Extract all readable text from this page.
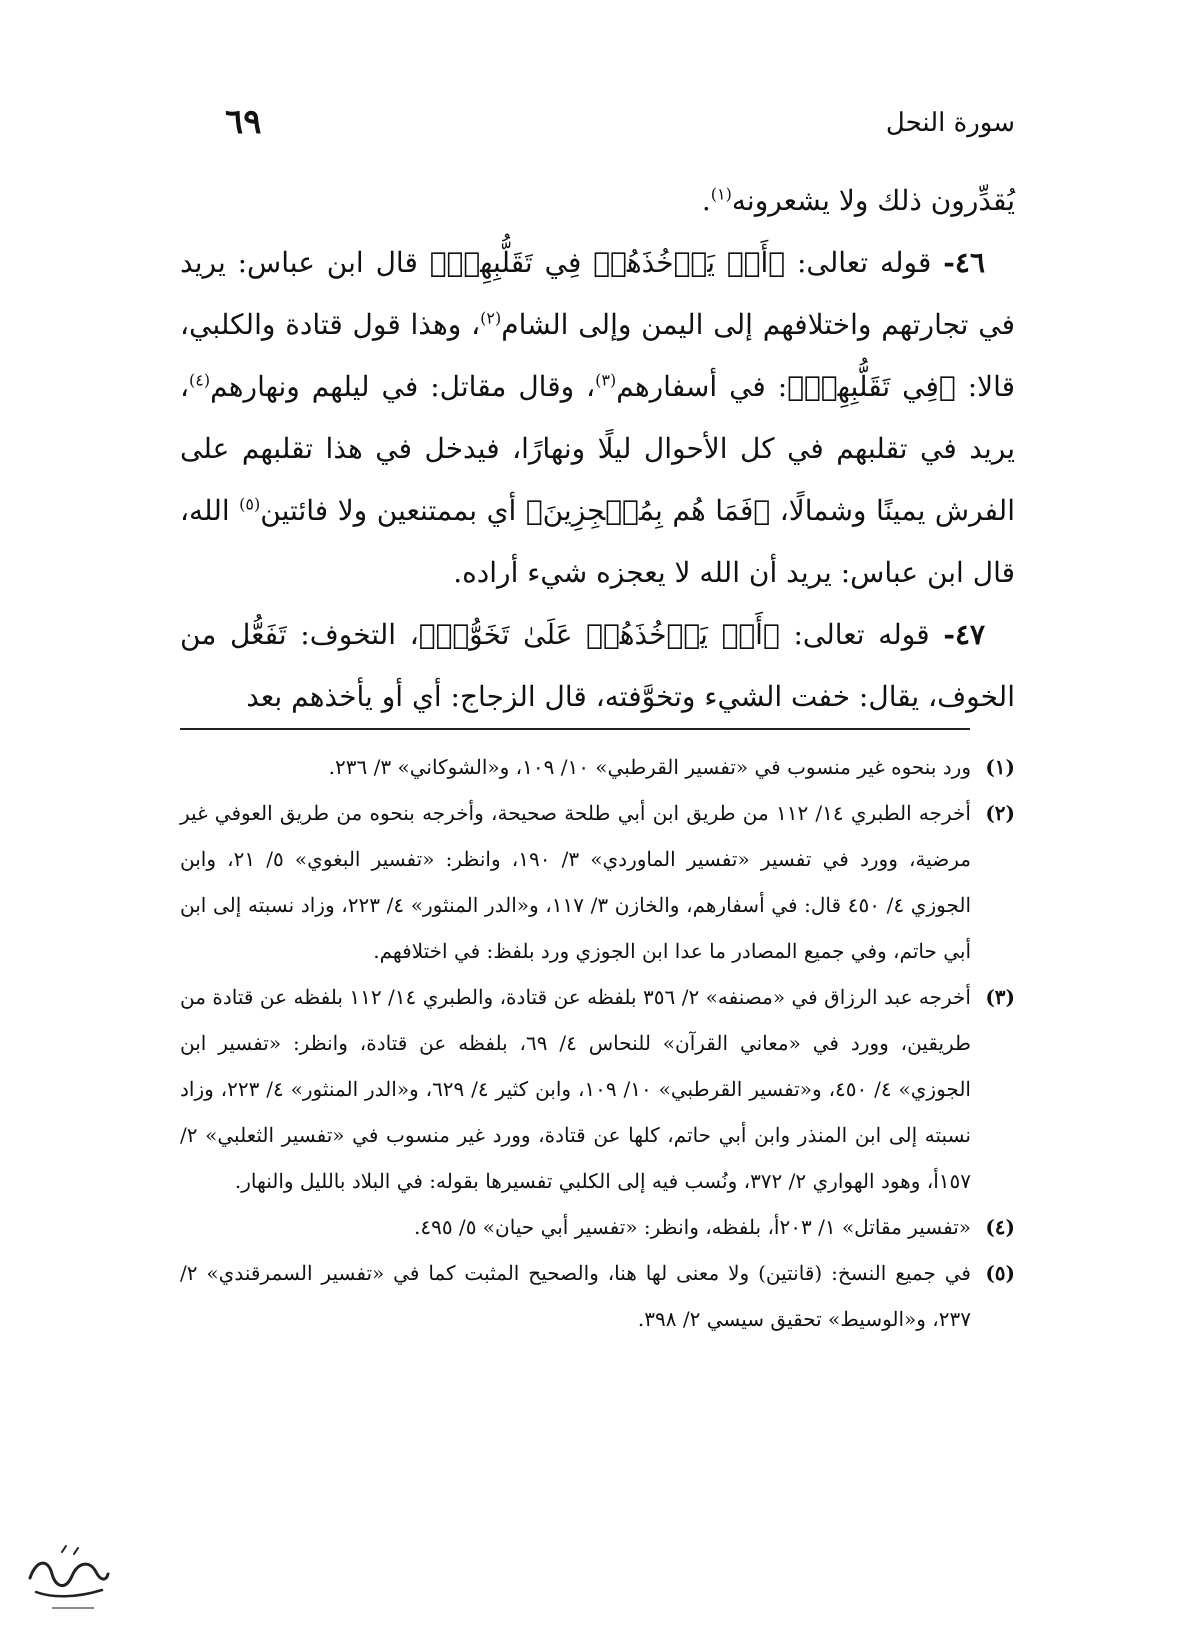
سورة النحل
٦٩

يُقدِّرون ذلك ولا يشعرونه$^{(١)}$.

٤٦- قوله تعالى: ﴿أَوۡ يَأۡخُذَهُمۡ فِي تَقَلُّبِهِمۡ﴾ قال ابن عباس: يريد في تجارتهم واختلافهم إلى اليمن وإلى الشام$^{(٢)}$، وهذا قول قتادة والكلبي، قالا: ﴿فِي تَقَلُّبِهِمۡ﴾: في أسفارهم$^{(٣)}$، وقال مقاتل: في ليلهم ونهارهم$^{(٤)}$، يريد في تقلبهم في كل الأحوال ليلًا ونهارًا، فيدخل في هذا تقلبهم على الفرش يمينًا وشمالًا، ﴿فَمَا هُم بِمُعۡجِزِينَ﴾ أي بممتنعين ولا فائتين$^{(٥)}$ الله، قال ابن عباس: يريد أن الله لا يعجزه شيء أراده.

٤٧- قوله تعالى: ﴿أَوۡ يَأۡخُذَهُمۡ عَلَىٰ تَخَوُّفٖ﴾، التخوف: تَفَعُّل من الخوف، يقال: خفت الشيء وتخوَّفته، قال الزجاج: أي أو يأخذهم بعد

(١)
ورد بنحوه غير منسوب في «تفسير القرطبي» ١٠/ ١٠٩، و«الشوكاني» ٣/ ٢٣٦.

(٢)
أخرجه الطبري ١٤/ ١١٢ من طريق ابن أبي طلحة صحيحة، وأخرجه بنحوه من طريق العوفي غير مرضية، وورد في تفسير «تفسير الماوردي» ٣/ ١٩٠، وانظر: «تفسير البغوي» ٥/ ٢١، وابن الجوزي ٤/ ٤٥٠ قال: في أسفارهم، والخازن ٣/ ١١٧، و«الدر المنثور» ٤/ ٢٢٣، وزاد نسبته إلى ابن أبي حاتم، وفي جميع المصادر ما عدا ابن الجوزي ورد بلفظ: في اختلافهم.

(٣)
أخرجه عبد الرزاق في «مصنفه» ٢/ ٣٥٦ بلفظه عن قتادة، والطبري ١٤/ ١١٢ بلفظه عن قتادة من طريقين، وورد في «معاني القرآن» للنحاس ٤/ ٦٩، بلفظه عن قتادة، وانظر: «تفسير ابن الجوزي» ٤/ ٤٥٠، و«تفسير القرطبي» ١٠/ ١٠٩، وابن كثير ٤/ ٦٢٩، و«الدر المنثور» ٤/ ٢٢٣، وزاد نسبته إلى ابن المنذر وابن أبي حاتم، كلها عن قتادة، وورد غير منسوب في «تفسير الثعلبي» ٢/ ١٥٧أ، وهود الهواري ٢/ ٣٧٢، ونُسب فيه إلى الكلبي تفسيرها بقوله: في البلاد بالليل والنهار.

(٤)
«تفسير مقاتل» ١/ ٢٠٣أ، بلفظه، وانظر: «تفسير أبي حيان» ٥/ ٤٩٥.

(٥)
في جميع النسخ: (قانتين) ولا معنى لها هنا، والصحيح المثبت كما في «تفسير السمرقندي» ٢/ ٢٣٧، و«الوسيط» تحقيق سيسي ٢/ ٣٩٨.
